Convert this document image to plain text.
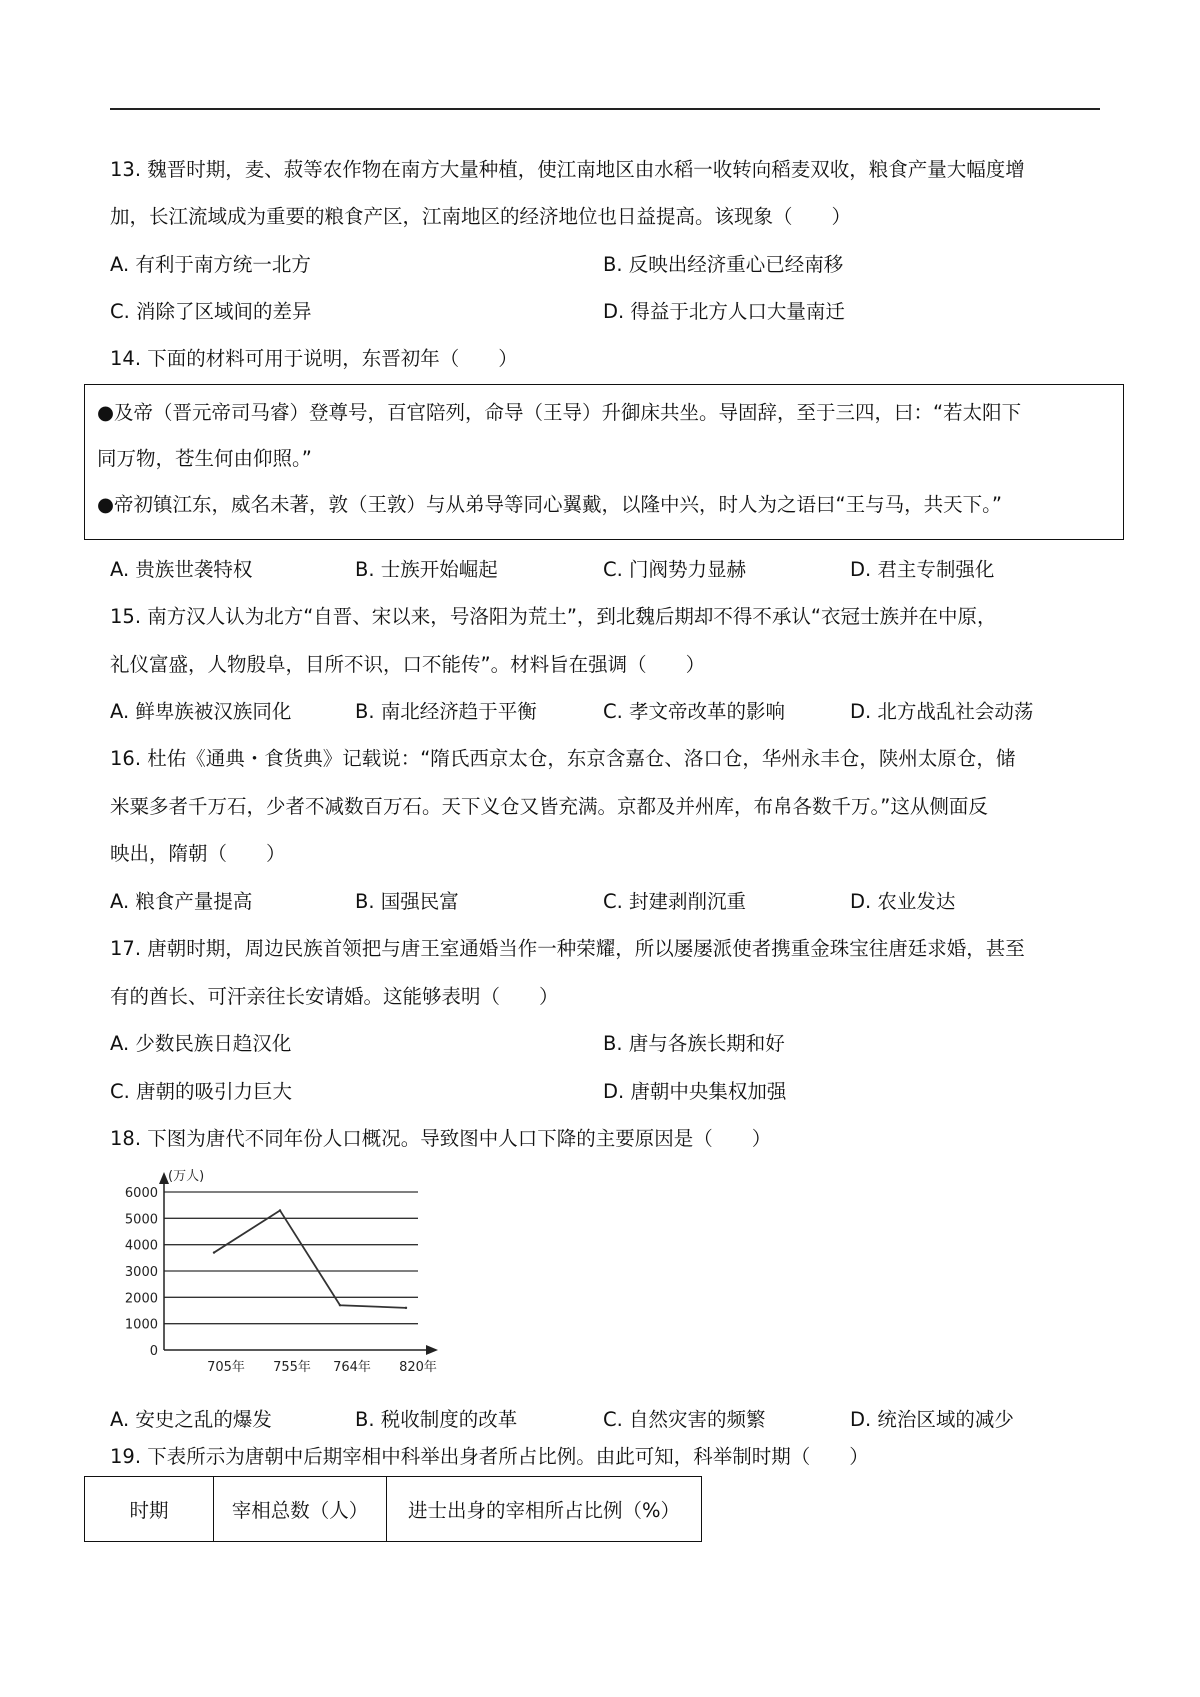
13. 魏晋时期，麦、菽等农作物在南方大量种植，使江南地区由水稻一收转向稻麦双收，粮食产量大幅度增
加，长江流域成为重要的粮食产区，江南地区的经济地位也日益提高。该现象（　　）
A. 有利于南方统一北方	B. 反映出经济重心已经南移
C. 消除了区域间的差异	D. 得益于北方人口大量南迁
14. 下面的材料可用于说明，东晋初年（　　）
●及帝（晋元帝司马睿）登尊号，百官陪列，命导（王导）升御床共坐。导固辞，至于三四，曰：“若太阳下
同万物，苍生何由仰照。”
●帝初镇江东，威名未著，敦（王敦）与从弟导等同心翼戴，以隆中兴，时人为之语曰“王与马，共天下。”
A. 贵族世袭特权	B. 士族开始崛起	C. 门阀势力显赫	D. 君主专制强化
15. 南方汉人认为北方“自晋、宋以来，号洛阳为荒土”，到北魏后期却不得不承认“衣冠士族并在中原，
礼仪富盛，人物殷阜，目所不识，口不能传”。材料旨在强调（　　）
A. 鲜卑族被汉族同化	B. 南北经济趋于平衡	C. 孝文帝改革的影响	D. 北方战乱社会动荡
16. 杜佑《通典・食货典》记载说：“隋氏西京太仓，东京含嘉仓、洛口仓，华州永丰仓，陕州太原仓，储
米粟多者千万石，少者不减数百万石。天下义仓又皆充满。京都及并州库，布帛各数千万。”这从侧面反
映出，隋朝（　　）
A. 粮食产量提高	B. 国强民富	C. 封建剥削沉重	D. 农业发达
17. 唐朝时期，周边民族首领把与唐王室通婚当作一种荣耀，所以屡屡派使者携重金珠宝往唐廷求婚，甚至
有的酋长、可汗亲往长安请婚。这能够表明（　　）
A. 少数民族日趋汉化	B. 唐与各族长期和好
C. 唐朝的吸引力巨大	D. 唐朝中央集权加强
18. 下图为唐代不同年份人口概况。导致图中人口下降的主要原因是（　　）
(万人)
0
1000
2000
3000
4000
5000
6000
705年 755年 764年 820年
A. 安史之乱的爆发	B. 税收制度的改革	C. 自然灾害的频繁	D. 统治区域的减少
19. 下表所示为唐朝中后期宰相中科举出身者所占比例。由此可知，科举制时期（　　）
时期	宰相总数（人）	进士出身的宰相所占比例（%）
